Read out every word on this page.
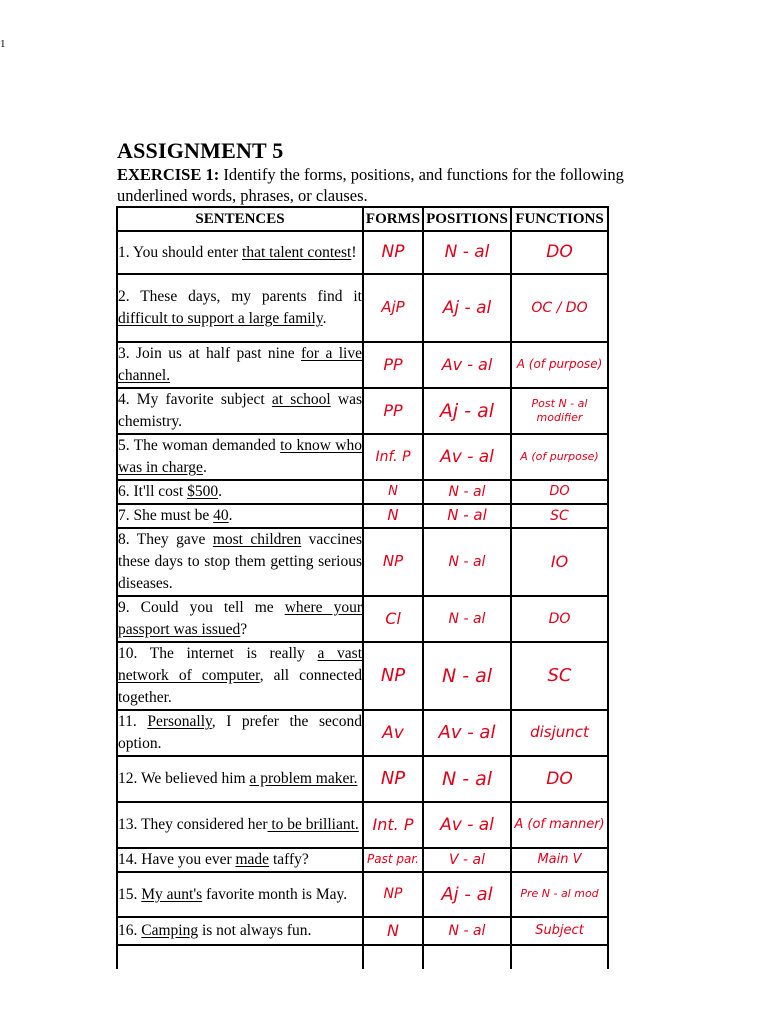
1
ASSIGNMENT 5
EXERCISE 1: Identify the forms, positions, and functions for the following underlined words, phrases, or clauses.
SENTENCES	FORMS	POSITIONS	FUNCTIONS

1. You should enter that talent contest!	NP	N - al	DO

2. These days, my parents find it difficult to support a large family.	AjP	Aj - al	OC / DO

3. Join us at half past nine for a live channel.	PP	Av - al	A (of purpose)

4. My favorite subject at school was chemistry.	PP	Aj - al	Post N - al modifier

5. The woman demanded to know who was in charge.	Inf. P	Av - al	A (of purpose)

6. It'll cost $500.	N	N - al	DO

7. She must be 40.	N	N - al	SC

8. They gave most children vaccines these days to stop them getting serious diseases.	NP	N - al	IO

9. Could you tell me where your passport was issued?	Cl	N - al	DO

10. The internet is really a vast network of computer, all connected together.	NP	N - al	SC

11. Personally, I prefer the second option.	Av	Av - al	disjunct

12. We believed him a problem maker.	NP	N - al	DO

13. They considered her to be brilliant.	Int. P	Av - al	A (of manner)

14. Have you ever made taffy?	Past par.	V - al	Main V

15. My aunt's favorite month is May.	NP	Aj - al	Pre N - al mod

16. Camping is not always fun.	N	N - al	Subject
